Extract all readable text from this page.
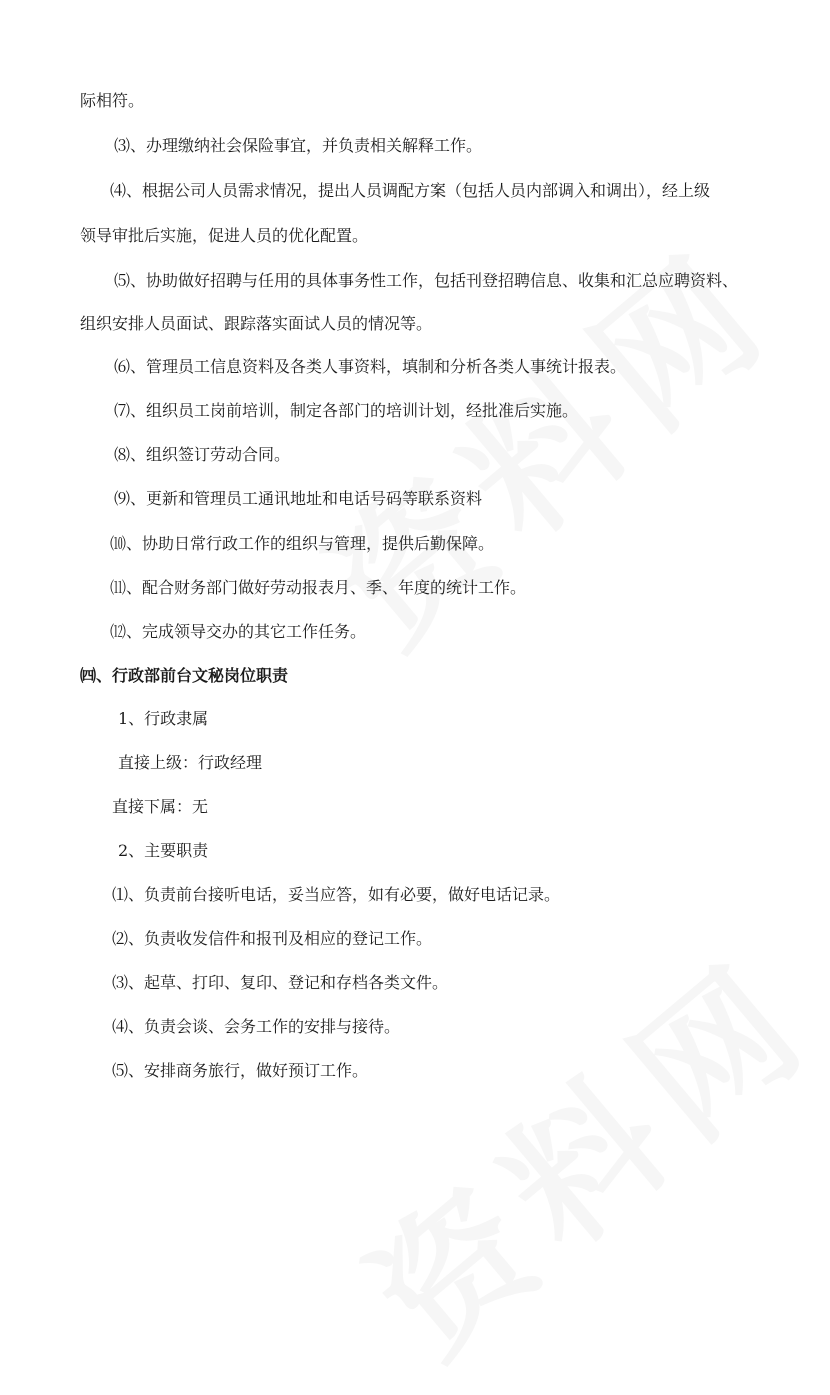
际相符。
⑶、办理缴纳社会保险事宜，并负责相关解释工作。
⑷、根据公司人员需求情况，提出人员调配方案（包括人员内部调入和调出），经上级
领导审批后实施，促进人员的优化配置。
⑸、协助做好招聘与任用的具体事务性工作，包括刊登招聘信息、收集和汇总应聘资料、
组织安排人员面试、跟踪落实面试人员的情况等。
⑹、管理员工信息资料及各类人事资料，填制和分析各类人事统计报表。
⑺、组织员工岗前培训，制定各部门的培训计划，经批准后实施。
⑻、组织签订劳动合同。
⑼、更新和管理员工通讯地址和电话号码等联系资料
⑽、协助日常行政工作的组织与管理，提供后勤保障。
⑾、配合财务部门做好劳动报表月、季、年度的统计工作。
⑿、完成领导交办的其它工作任务。
㈣、行政部前台文秘岗位职责
1、行政隶属
直接上级：行政经理
直接下属：无
2、主要职责
⑴、负责前台接听电话，妥当应答，如有必要，做好电话记录。
⑵、负责收发信件和报刊及相应的登记工作。
⑶、起草、打印、复印、登记和存档各类文件。
⑷、负责会谈、会务工作的安排与接待。
⑸、安排商务旅行，做好预订工作。
